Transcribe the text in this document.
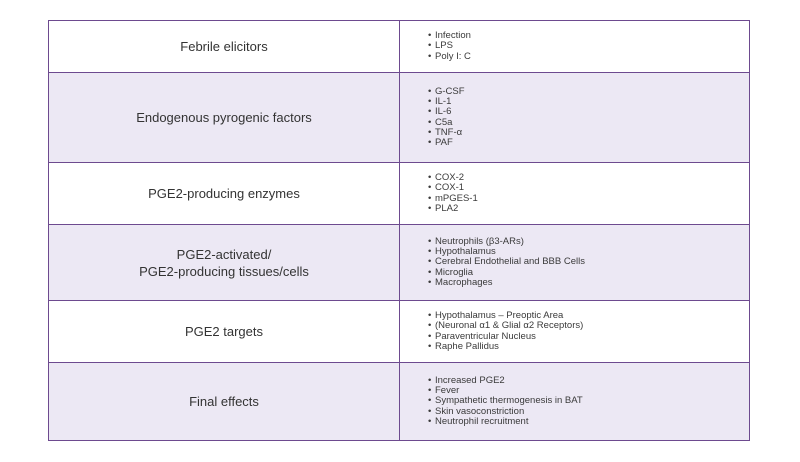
Febrile elicitors
• Infection
• LPS
• Poly I: C
Endogenous pyrogenic factors
• G-CSF
• IL-1
• IL-6
• C5a
• TNF-α
• PAF
PGE2-producing enzymes
• COX-2
• COX-1
• mPGES-1
• PLA2
PGE2-activated/
PGE2-producing tissues/cells
• Neutrophils (β3-ARs)
• Hypothalamus
• Cerebral Endothelial and BBB Cells
• Microglia
• Macrophages
PGE2 targets
• Hypothalamus – Preoptic Area
• (Neuronal α1 & Glial α2 Receptors)
• Paraventricular Nucleus
• Raphe Pallidus
Final effects
• Increased PGE2
• Fever
• Sympathetic thermogenesis in BAT
• Skin vasoconstriction
• Neutrophil recruitment
